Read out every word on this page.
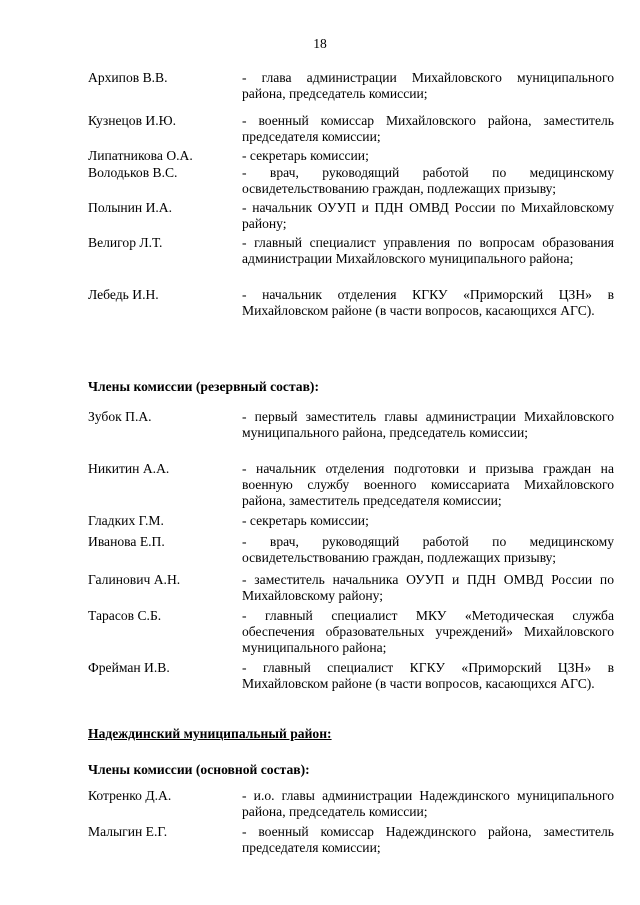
18
Архипов В.В.	- глава администрации Михайловского муниципального района, председатель комиссии;
Кузнецов И.Ю.	- военный комиссар Михайловского района, заместитель председателя комиссии;
Липатникова О.А.	- секретарь комиссии;
Володьков В.С.	- врач, руководящий работой по медицинскому освидетельствованию граждан, подлежащих призыву;
Полынин И.А.	- начальник ОУУП и ПДН ОМВД России по Михайловскому району;
Велигор Л.Т.	- главный специалист управления по вопросам образования администрации Михайловского муниципального района;
Лебедь И.Н.	- начальник отделения КГКУ «Приморский ЦЗН» в Михайловском районе (в части вопросов, касающихся АГС).
Члены комиссии (резервный состав):
Зубок П.А.	- первый заместитель главы администрации Михайловского муниципального района, председатель комиссии;
Никитин А.А.	- начальник отделения подготовки и призыва граждан на военную службу военного комиссариата Михайловского района, заместитель председателя комиссии;
Гладких Г.М.	- секретарь комиссии;
Иванова Е.П.	- врач, руководящий работой по медицинскому освидетельствованию граждан, подлежащих призыву;
Галинович А.Н.	- заместитель начальника ОУУП и ПДН ОМВД России по Михайловскому району;
Тарасов С.Б.	- главный специалист МКУ «Методическая служба обеспечения образовательных учреждений» Михайловского муниципального района;
Фрейман И.В.	- главный специалист КГКУ «Приморский ЦЗН» в Михайловском районе (в части вопросов, касающихся АГС).
Надеждинский муниципальный район:
Члены комиссии (основной состав):
Котренко Д.А.	- и.о. главы администрации Надеждинского муниципального района, председатель комиссии;
Малыгин Е.Г.	- военный комиссар Надеждинского района, заместитель председателя комиссии;
